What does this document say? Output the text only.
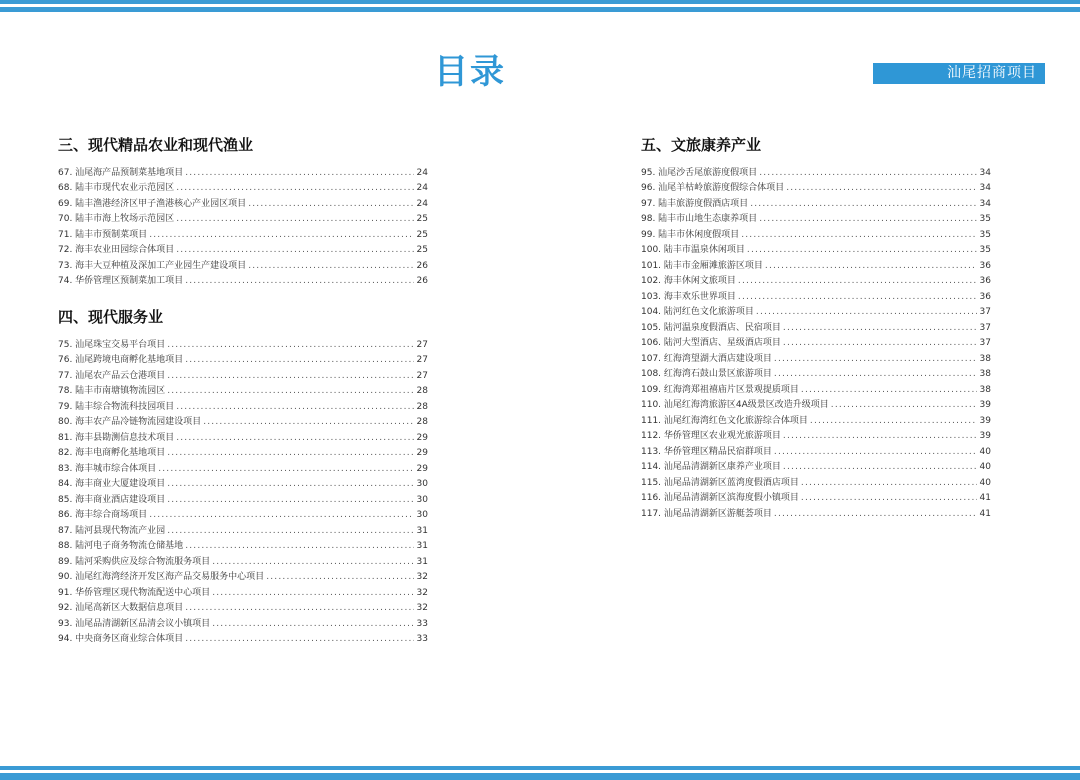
目录	汕尾招商项目
三、现代精品农业和现代渔业
67. 汕尾海产品预制菜基地项目 .....	24
68. 陆丰市现代农业示范园区 .....	24
69. 陆丰渔港经济区甲子渔港核心产业园区项目 .....	24
70. 陆丰市海上牧场示范园区 .....	25
71. 陆丰市预制菜项目 .....	25
72. 海丰农业田园综合体项目 .....	25
73. 海丰大豆种植及深加工产业园生产建设项目 .....	26
74. 华侨管理区预制菜加工项目 .....	26
四、现代服务业
75. 汕尾珠宝交易平台项目 .....	27
76. 汕尾跨境电商孵化基地项目 .....	27
77. 汕尾农产品云仓港项目 .....	27
78. 陆丰市南塘镇物流园区 .....	28
79. 陆丰综合物流科技园项目 .....	28
80. 海丰农产品冷链物流园建设项目 .....	28
81. 海丰县勘测信息技术项目 .....	29
82. 海丰电商孵化基地项目 .....	29
83. 海丰城市综合体项目 .....	29
84. 海丰商业大厦建设项目 .....	30
85. 海丰商业酒店建设项目 .....	30
86. 海丰综合商场项目 .....	30
87. 陆河县现代物流产业园 .....	31
88. 陆河电子商务物流仓储基地 .....	31
89. 陆河采购供应及综合物流服务项目 .....	31
90. 汕尾红海湾经济开发区海产品交易服务中心项目 .....	32
91. 华侨管理区现代物流配送中心项目 .....	32
92. 汕尾高新区大数据信息项目 .....	32
93. 汕尾品清湖新区品清会议小镇项目 .....	33
94. 中央商务区商业综合体项目 .....	33
五、文旅康养产业
95. 汕尾沙舌尾旅游度假项目 .....	34
96. 汕尾羊枯岭旅游度假综合体项目 .....	34
97. 陆丰旅游度假酒店项目 .....	34
98. 陆丰市山地生态康养项目 .....	35
99. 陆丰市休闲度假项目 .....	35
100. 陆丰市温泉休闲项目 .....	35
101. 陆丰市金厢滩旅游区项目 .....	36
102. 海丰休闲文旅项目 .....	36
103. 海丰欢乐世界项目 .....	36
104. 陆河红色文化旅游项目 .....	37
105. 陆河温泉度假酒店、民宿项目 .....	37
106. 陆河大型酒店、星级酒店项目 .....	37
107. 红海湾望湖大酒店建设项目 .....	38
108. 红海湾石鼓山景区旅游项目 .....	38
109. 红海湾郑祖禧庙片区景观提质项目 .....	38
110. 汕尾红海湾旅游区4A级景区改造升级项目 .....	39
111. 汕尾红海湾红色文化旅游综合体项目 .....	39
112. 华侨管理区农业观光旅游项目 .....	39
113. 华侨管理区精品民宿群项目 .....	40
114. 汕尾品清湖新区康养产业项目 .....	40
115. 汕尾品清湖新区蓝湾度假酒店项目 .....	40
116. 汕尾品清湖新区滨海度假小镇项目 .....	41
117. 汕尾品清湖新区游艇荟项目 .....	41
